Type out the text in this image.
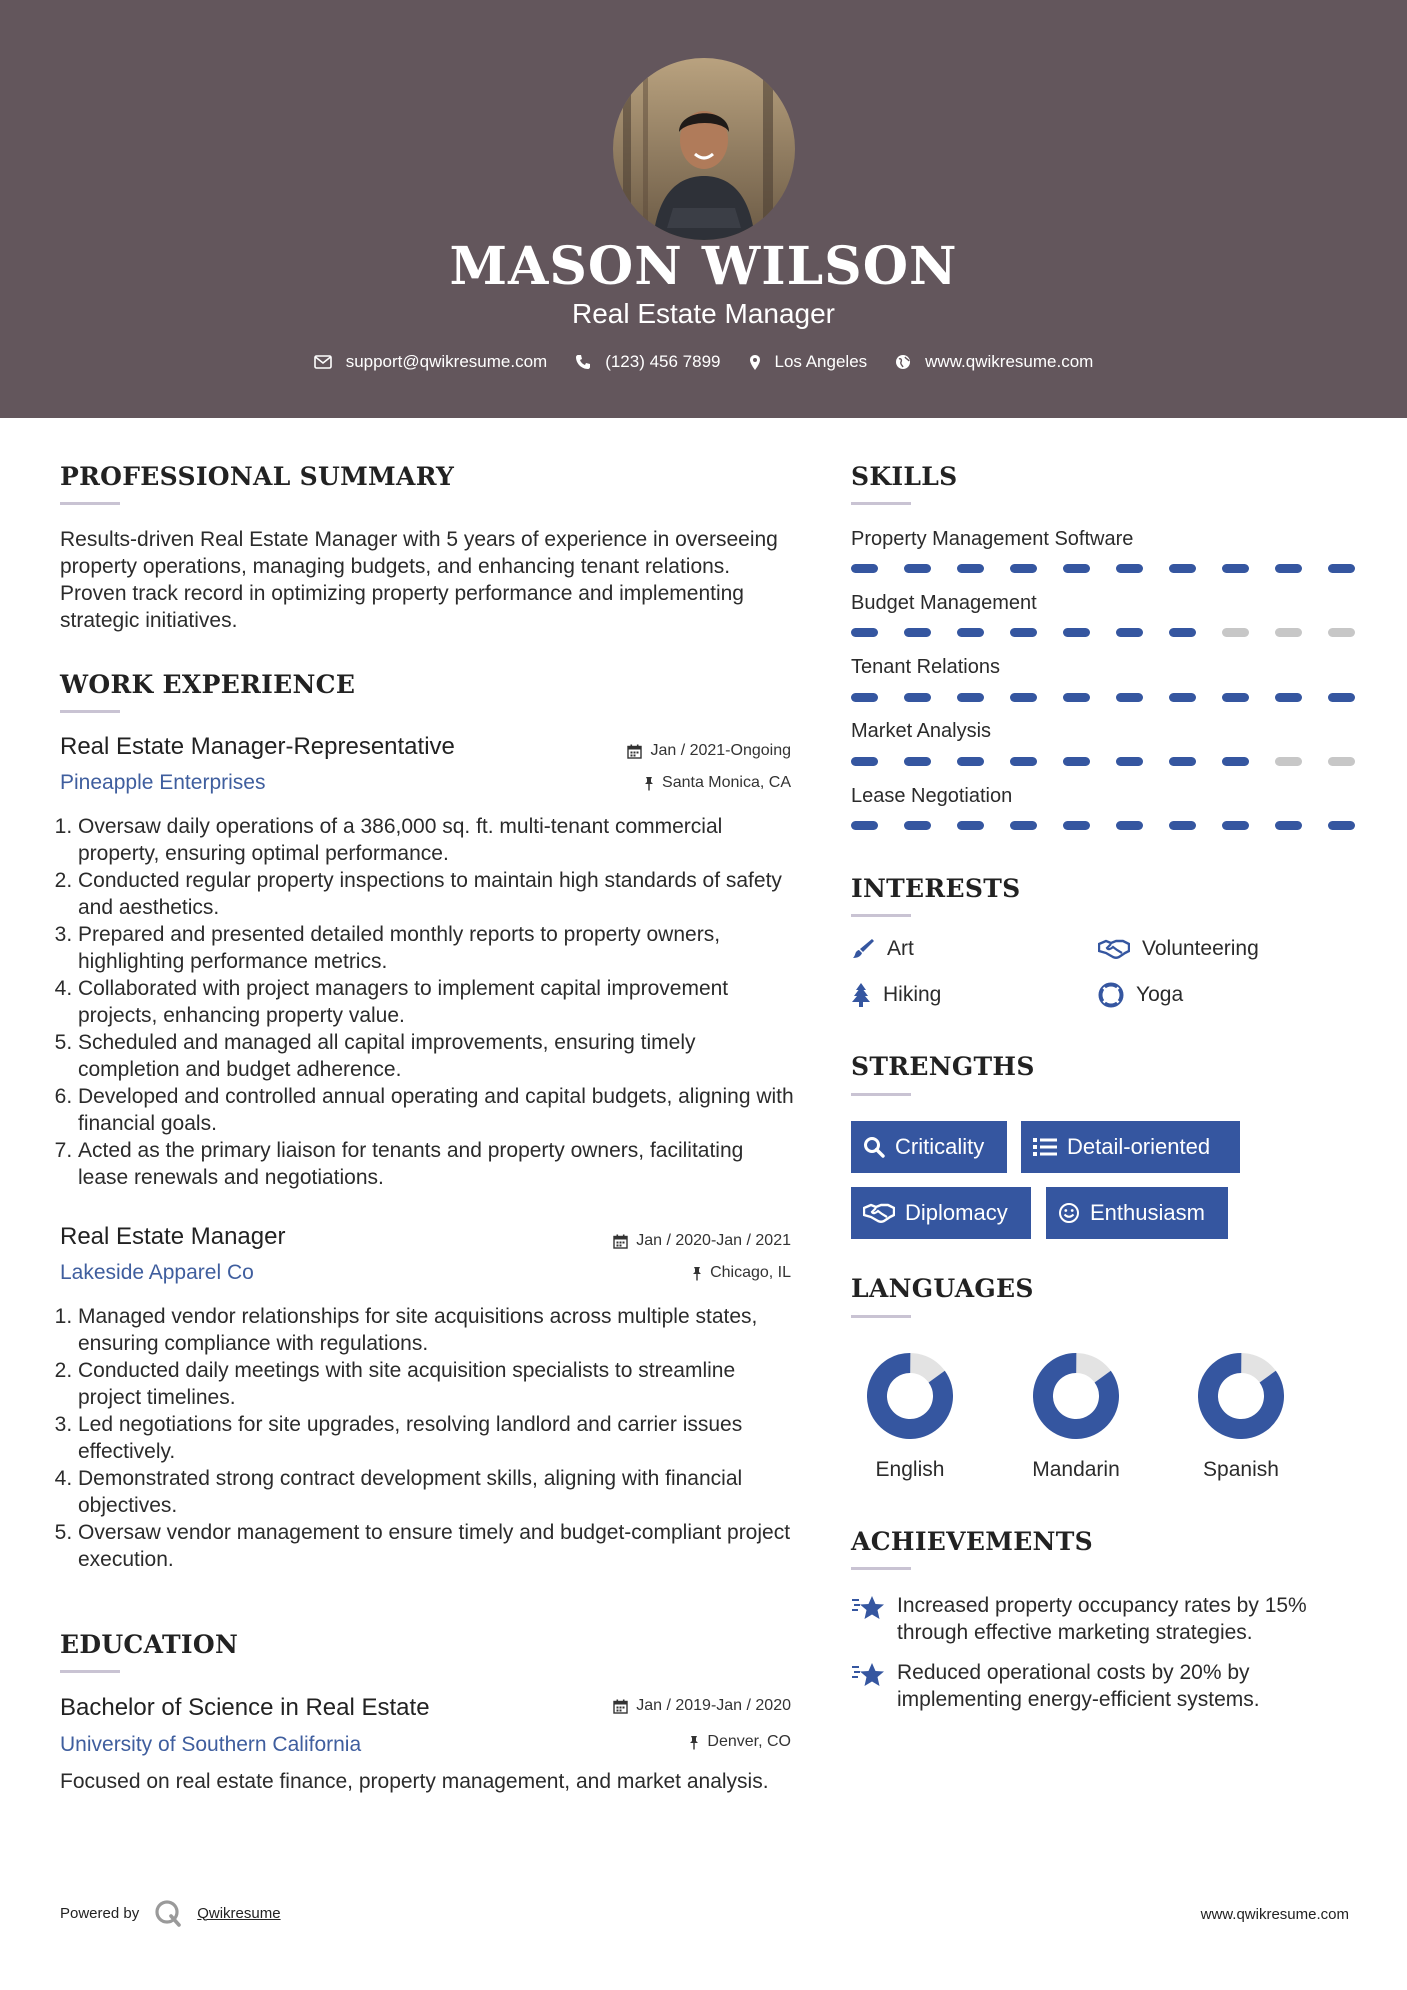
MASON WILSON
Real Estate Manager
support@qwikresume.com	(123) 456 7899	Los Angeles	www.qwikresume.com
PROFESSIONAL SUMMARY
Results-driven Real Estate Manager with 5 years of experience in overseeing property operations, managing budgets, and enhancing tenant relations. Proven track record in optimizing property performance and implementing strategic initiatives.
WORK EXPERIENCE
Real Estate Manager-Representative
Pineapple Enterprises
Jan / 2021-Ongoing
Santa Monica, CA
1. Oversaw daily operations of a 386,000 sq. ft. multi-tenant commercial property, ensuring optimal performance.
2. Conducted regular property inspections to maintain high standards of safety and aesthetics.
3. Prepared and presented detailed monthly reports to property owners, highlighting performance metrics.
4. Collaborated with project managers to implement capital improvement projects, enhancing property value.
5. Scheduled and managed all capital improvements, ensuring timely completion and budget adherence.
6. Developed and controlled annual operating and capital budgets, aligning with financial goals.
7. Acted as the primary liaison for tenants and property owners, facilitating lease renewals and negotiations.
Real Estate Manager
Lakeside Apparel Co
Jan / 2020-Jan / 2021
Chicago, IL
1. Managed vendor relationships for site acquisitions across multiple states, ensuring compliance with regulations.
2. Conducted daily meetings with site acquisition specialists to streamline project timelines.
3. Led negotiations for site upgrades, resolving landlord and carrier issues effectively.
4. Demonstrated strong contract development skills, aligning with financial objectives.
5. Oversaw vendor management to ensure timely and budget-compliant project execution.
EDUCATION
Bachelor of Science in Real Estate
University of Southern California
Jan / 2019-Jan / 2020
Denver, CO
Focused on real estate finance, property management, and market analysis.
SKILLS
Property Management Software
Budget Management
Tenant Relations
Market Analysis
Lease Negotiation
INTERESTS
Art	Volunteering
Hiking	Yoga
STRENGTHS
Criticality	Detail-oriented
Diplomacy	Enthusiasm
LANGUAGES
English	Mandarin	Spanish
ACHIEVEMENTS
Increased property occupancy rates by 15% through effective marketing strategies.
Reduced operational costs by 20% by implementing energy-efficient systems.
Powered by	Qwikresume	www.qwikresume.com
